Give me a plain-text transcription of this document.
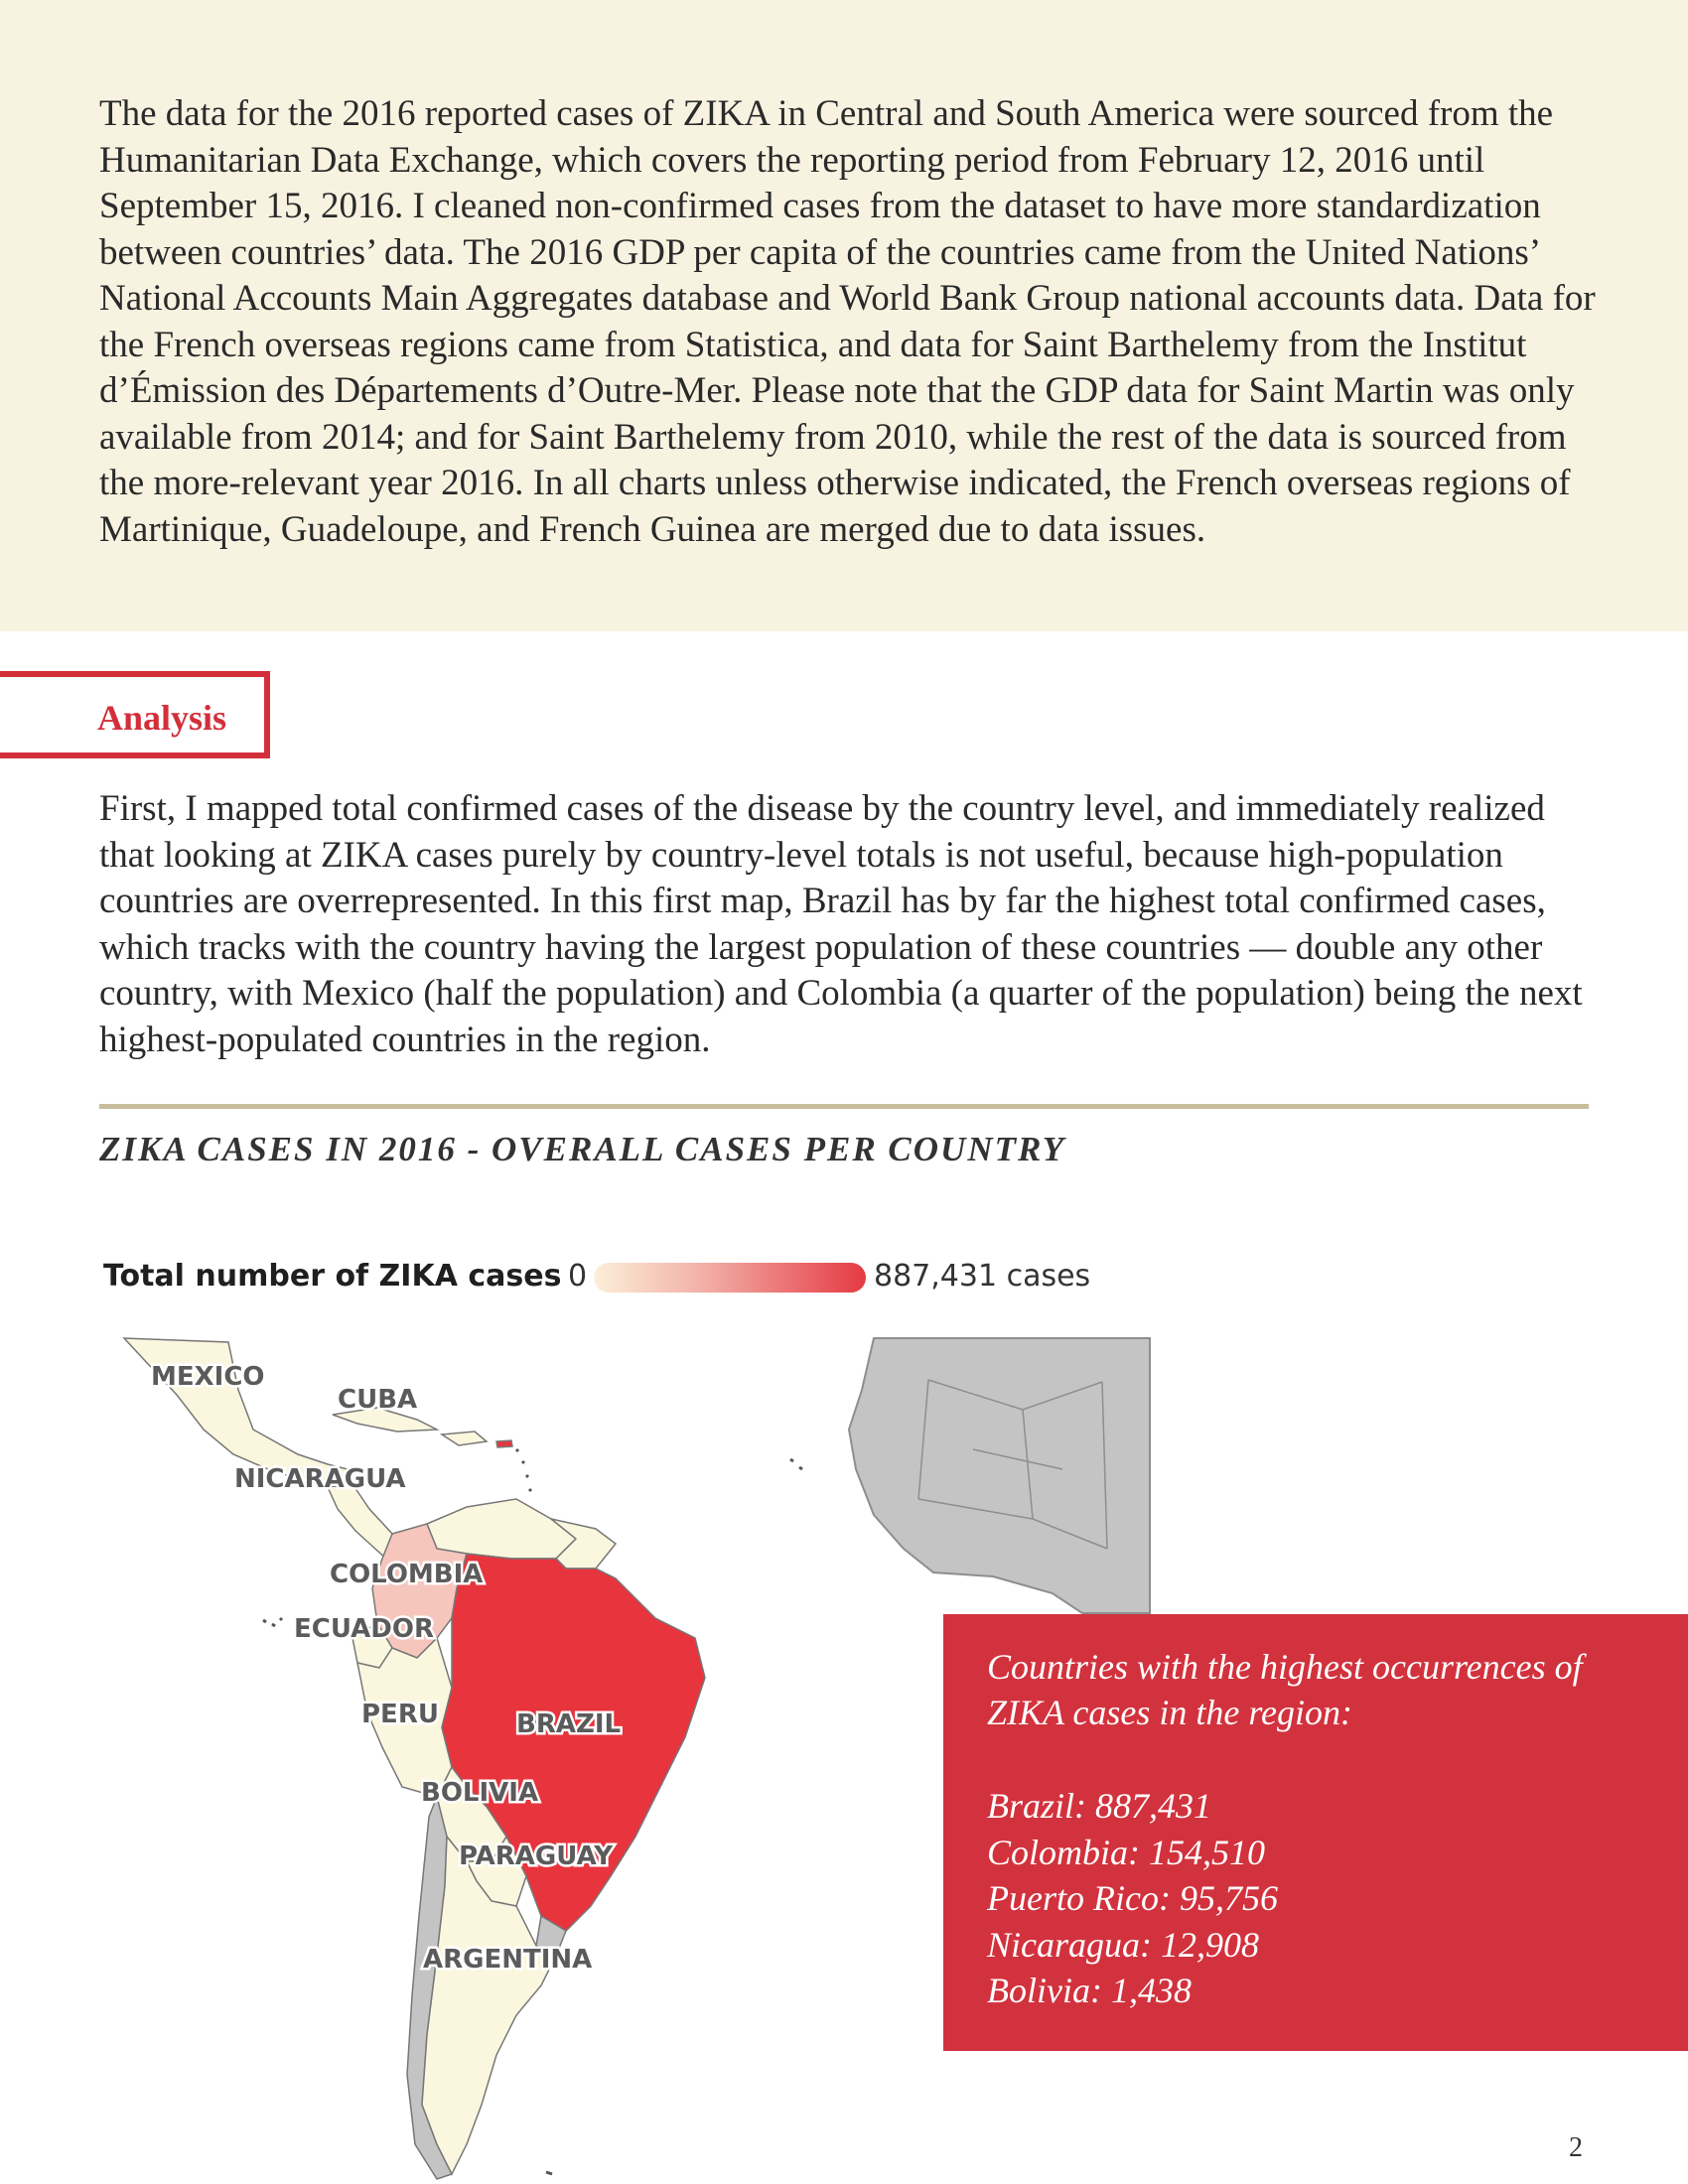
The data for the 2016 reported cases of ZIKA in Central and South America were sourced from the Humanitarian Data Exchange, which covers the reporting period from February 12, 2016 until September 15, 2016. I cleaned non-confirmed cases from the dataset to have more standardization between countries’ data. The 2016 GDP per capita of the countries came from the United Nations’ National Accounts Main Aggregates database and World Bank Group national accounts data. Data for the French overseas regions came from Statistica, and data for Saint Barthelemy from the Institut d’Émission des Départements d’Outre-Mer. Please note that the GDP data for Saint Martin was only available from 2014; and for Saint Barthelemy from 2010, while the rest of the data is sourced from the more-relevant year 2016. In all charts unless otherwise indicated, the French overseas regions of Martinique, Guadeloupe, and French Guinea are merged due to data issues.

Analysis

First, I mapped total confirmed cases of the disease by the country level, and immediately realized that looking at ZIKA cases purely by country-level totals is not useful, because high-population countries are overrepresented. In this first map, Brazil has by far the highest total confirmed cases, which tracks with the country having the largest population of these countries — double any other country, with Mexico (half the population) and Colombia (a quarter of the population) being the next highest-populated countries in the region.

ZIKA CASES IN 2016 - OVERALL CASES PER COUNTRY
Total number of ZIKA cases 0	887,431 cases
MEXICO
CUBA
NICARAGUA
COLOMBIA
ECUADOR
PERU	BRAZIL
BOLIVIA
PARAGUAY
ARGENTINA
Countries with the highest occurrences of ZIKA cases in the region:
Brazil: 887,431
Colombia: 154,510
Puerto Rico: 95,756
Nicaragua: 12,908
Bolivia: 1,438
2
